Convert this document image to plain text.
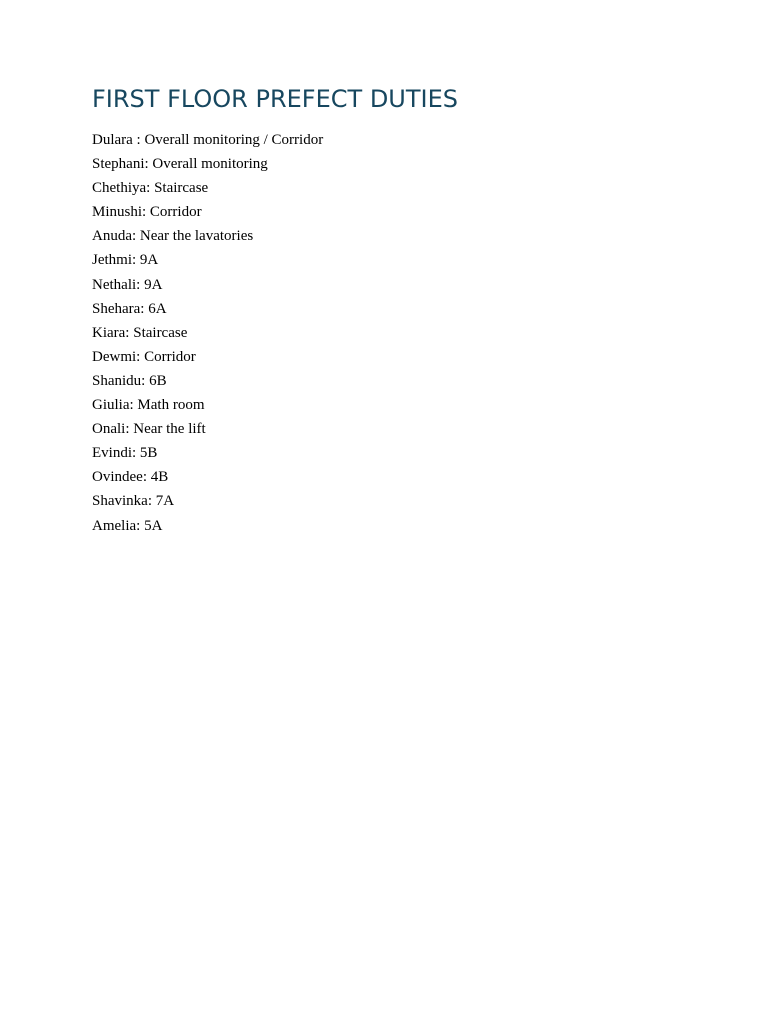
FIRST FLOOR PREFECT DUTIES
Dulara : Overall monitoring / Corridor
Stephani: Overall monitoring
Chethiya: Staircase
Minushi: Corridor
Anuda: Near the lavatories
Jethmi: 9A
Nethali: 9A
Shehara: 6A
Kiara: Staircase
Dewmi: Corridor
Shanidu: 6B
Giulia: Math room
Onali: Near the lift
Evindi: 5B
Ovindee: 4B
Shavinka: 7A
Amelia: 5A
